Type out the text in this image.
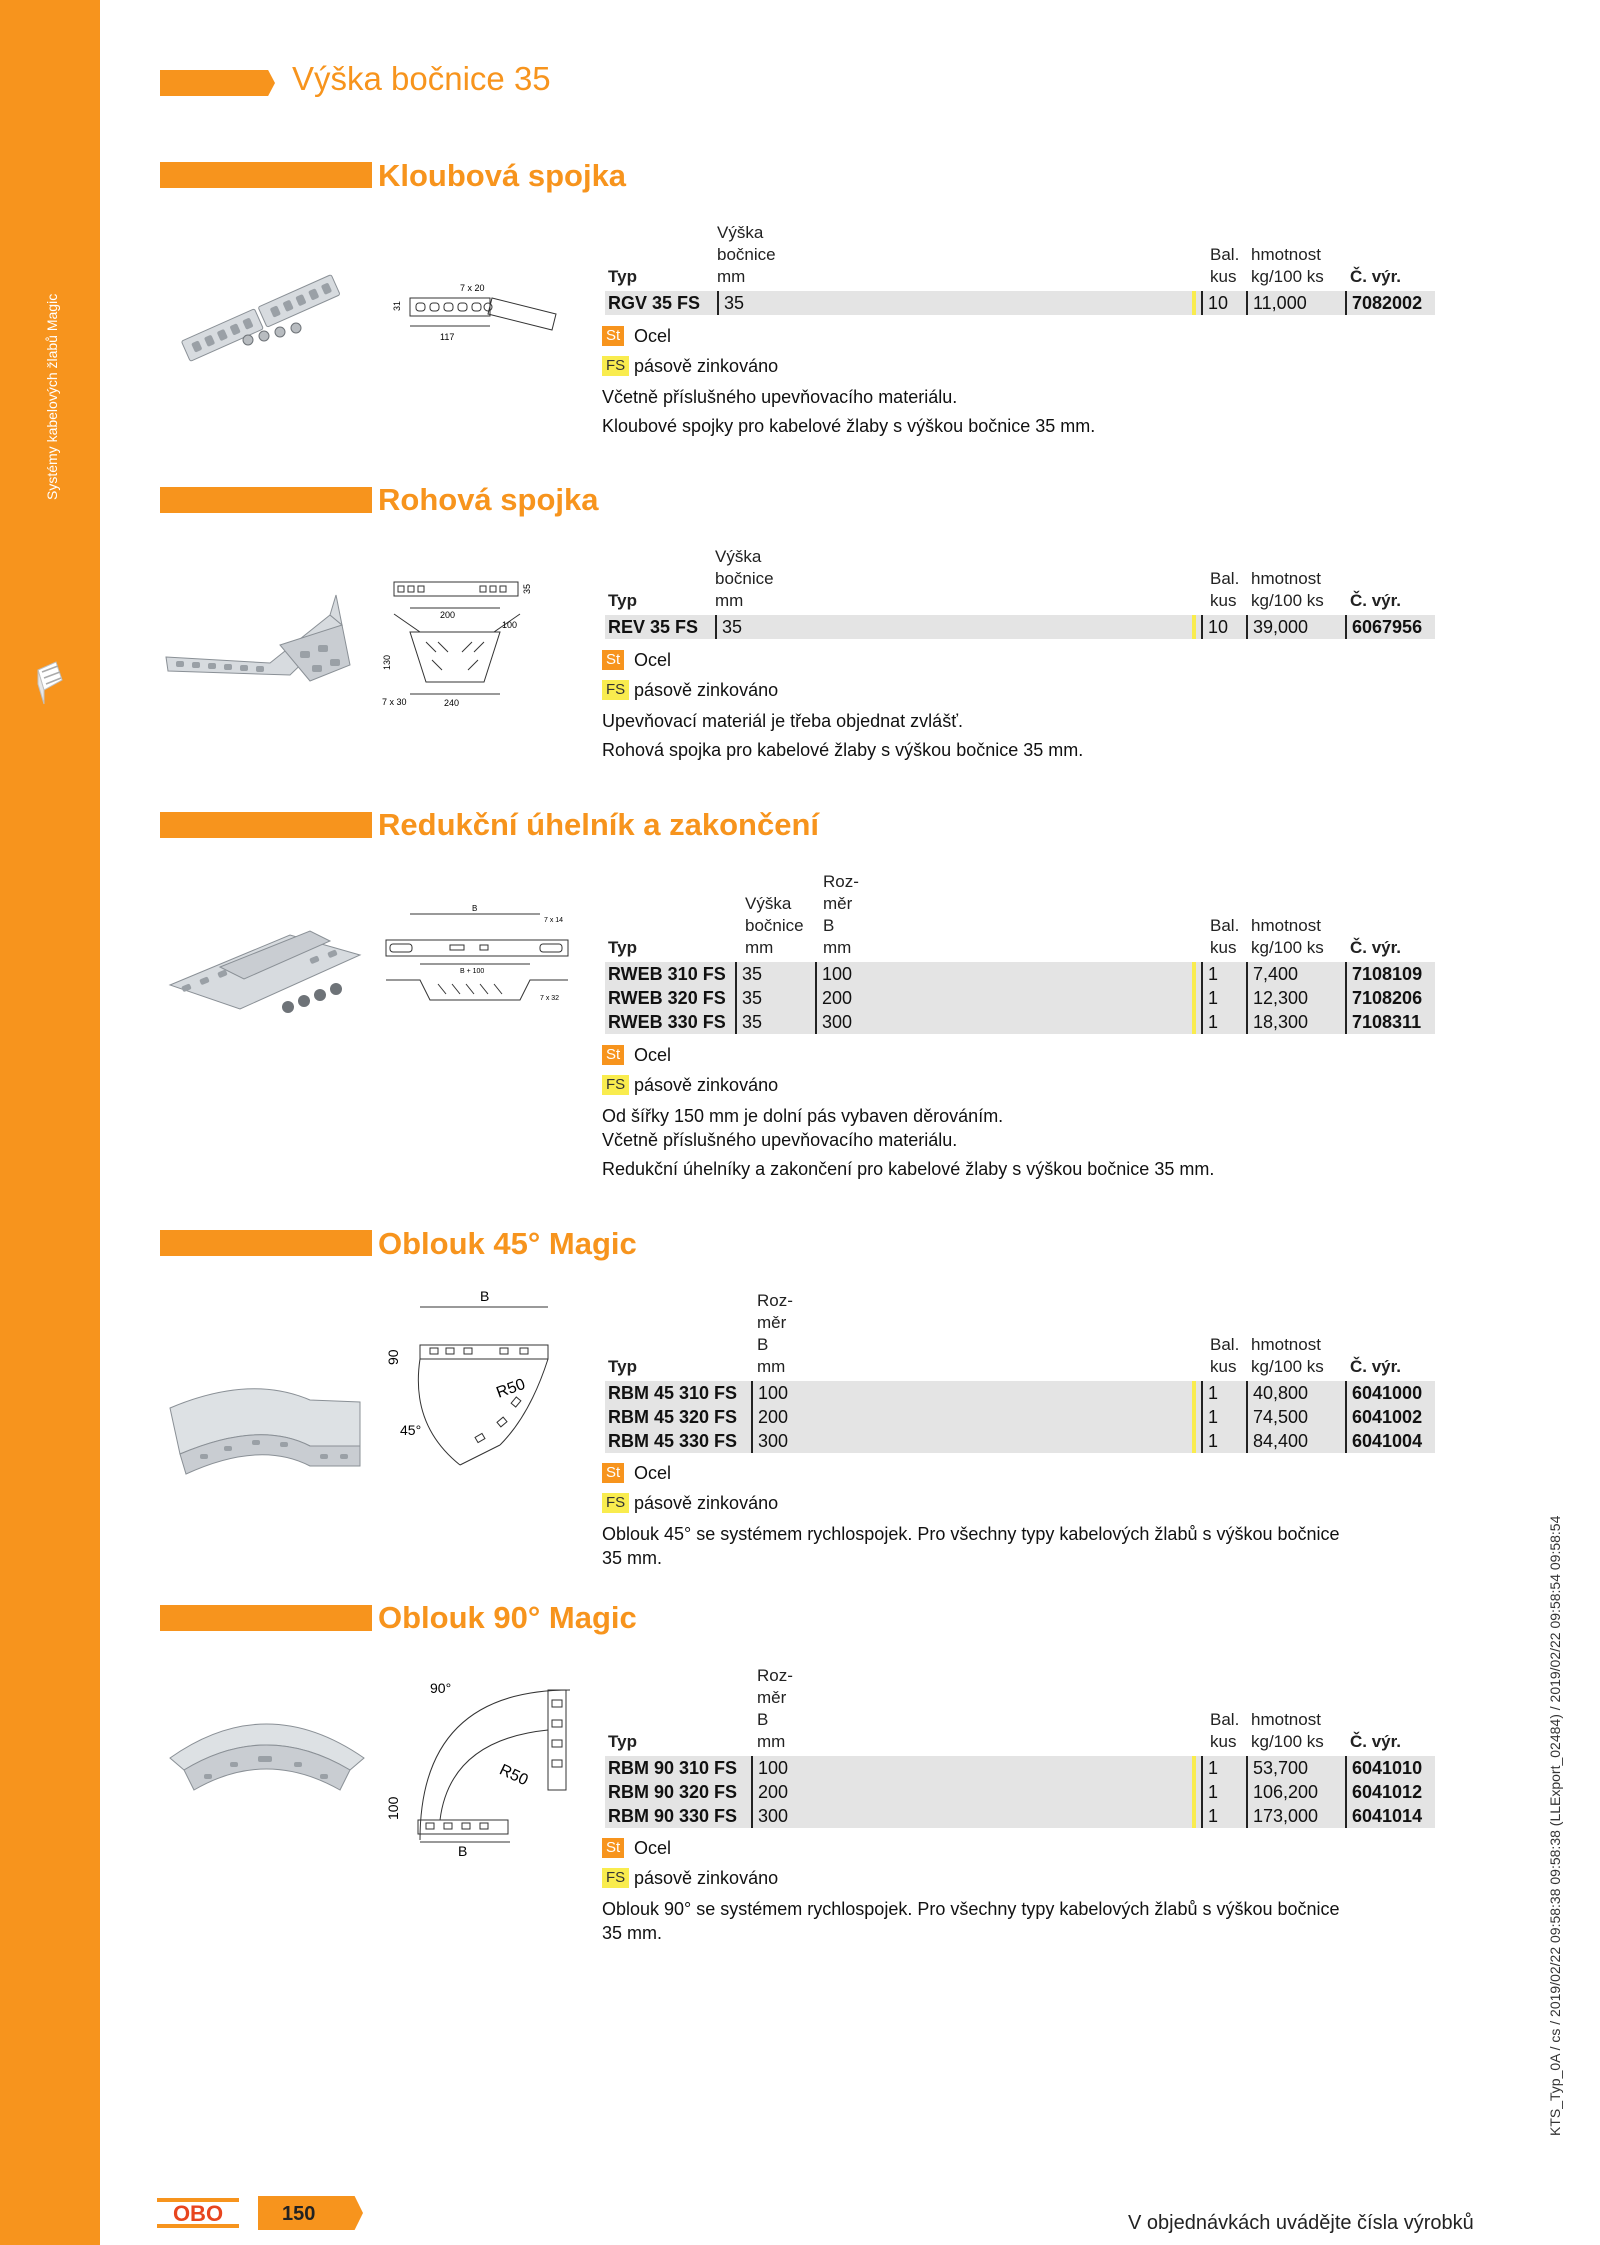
Systémy kabelových žlabů Magic
Výška bočnice 35
Kloubová spojka
7 x 20
117
31
Výška
bočnice
mm
Typ
Bal.
kus
hmotnost
kg/100 ks Č. výr.
RGV 35 FS	35	10	11,000	7082002
St Ocel
FS pásově zinkováno
Včetně příslušného upevňovacího materiálu.
Kloubové spojky pro kabelové žlaby s výškou bočnice 35 mm.
Rohová spojka
35
200
100
130
7 x 30	240
Výška
bočnice
mm
Typ
Bal.
kus
hmotnost
kg/100 ks Č. výr.
REV 35 FS	35	10	39,000	6067956
St Ocel
FS pásově zinkováno
Upevňovací materiál je třeba objednat zvlášť.
Rohová spojka pro kabelové žlaby s výškou bočnice 35 mm.
Redukční úhelník a zakončení
B
7 x 14
B + 100
7 x 32
Roz-
měr
Výška
bočnice B
mm	mm
Typ
Bal.
kus
hmotnost
kg/100 ks Č. výr.
RWEB 310 FS 35	100	1	7,400	7108109
RWEB 320 FS 35	200	1	12,300	7108206
RWEB 330 FS 35	300	1	18,300	7108311
St Ocel
FS pásově zinkováno
Od šířky 150 mm je dolní pás vybaven děrováním.
Včetně příslušného upevňovacího materiálu.
Redukční úhelníky a zakončení pro kabelové žlaby s výškou bočnice 35 mm.
Oblouk 45° Magic
B
90
R50
45°
Roz-
měr
B
mm
Typ
Bal.
kus
hmotnost
kg/100 ks Č. výr.
RBM 45 310 FS	100	1	40,800	6041000
RBM 45 320 FS	200	1	74,500	6041002
RBM 45 330 FS	300	1	84,400	6041004
St Ocel
FS pásově zinkováno
Oblouk 45° se systémem rychlospojek. Pro všechny typy kabelových žlabů s výškou bočnice
35 mm.
Oblouk 90° Magic
90°
R50
100
B
Roz-
měr
B
mm
Typ
Bal.
kus
hmotnost
kg/100 ks Č. výr.
RBM 90 310 FS	100	1	53,700	6041010
RBM 90 320 FS	200	1	106,200	6041012
RBM 90 330 FS	300	1	173,000	6041014
St Ocel
FS pásově zinkováno
Oblouk 90° se systémem rychlospojek. Pro všechny typy kabelových žlabů s výškou bočnice
35 mm.	KTS_Typ_0A / cs / 2019/02/22 09:58:38 09:58:38 (LLExport_02484) / 2019/02/22 09:58:54 09:58:54
OBO	150	V objednávkách uvádějte čísla výrobků
